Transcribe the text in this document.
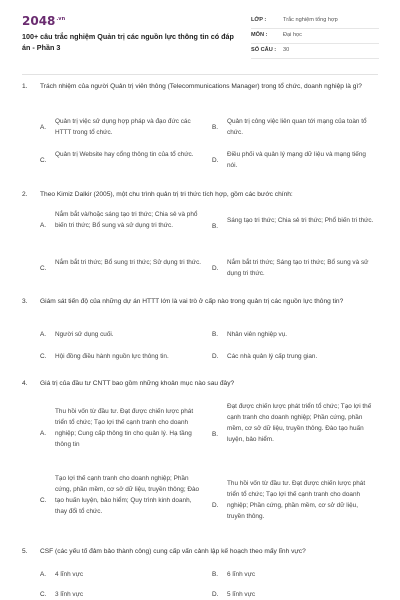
$2048^{.vn}$
100+ câu trắc nghiệm Quản trị các nguồn lực thông tin có đáp án - Phần 3
LỚP :	Trắc nghiệm tổng hợp
MÔN :	Đại học
SỐ CÂU : 30
1. Trách nhiệm của người Quản trị viên thông (Telecommunications Manager) trong tổ chức, doanh nghiệp là gì?
A.
Quản trị việc sử dụng hợp pháp và đạo đức các HTTT trong tổ chức.
B.
Quản trị công việc liên quan tới mạng của toàn tổ chức.
C.
Quản trị Website hay cổng thông tin của tổ chức.
D.
Điều phối và quản lý mạng dữ liệu và mạng tiếng nói.
2. Theo Kimiz Dalkir (2005), một chu trình quản trị tri thức tích hợp, gồm các bước chính:
A.
Nắm bắt và/hoặc sáng tạo tri thức; Chia sẻ và phổ biến tri thức; Bổ sung và sử dụng tri thức.	B.
Sáng tạo tri thức; Chia sẻ tri thức; Phổ biến tri thức.
C.
Nắm bắt tri thức; Bổ sung tri thức; Sử dụng tri thức.
D.
Nắm bắt tri thức; Sáng tạo tri thức; Bổ sung và sử dụng tri thức.
3. Giám sát tiến độ của những dự án HTTT lớn là vai trò ở cấp nào trong quản trị các nguồn lực thông tin?
A. Người sử dụng cuối.	B. Nhân viên nghiệp vụ.
C. Hội đồng điều hành nguồn lực thông tin.	D. Các nhà quản lý cấp trung gian.
4. Giá trị của đầu tư CNTT bao gồm những khoản mục nào sau đây?
A.
Thu hồi vốn từ đầu tư. Đạt được chiến lược phát triển tổ chức; Tạo lợi thế cạnh tranh cho doanh nghiệp; Cung cấp thông tin cho quản lý. Hạ tầng thông tin
B.
Đạt được chiến lược phát triển tổ chức; Tạo lợi thế cạnh tranh cho doanh nghiệp; Phần cứng, phần mềm, cơ sở dữ liệu, truyền thông. Đào tạo huấn luyện, bảo hiểm.
C.
Tạo lợi thế cạnh tranh cho doanh nghiệp; Phần cứng, phần mềm, cơ sở dữ liệu, truyền thông; Đào tạo huấn luyện, bảo hiểm; Quy trình kinh doanh, thay đổi tổ chức.
D.
Thu hồi vốn từ đầu tư. Đạt được chiến lược phát triển tổ chức; Tạo lợi thế cạnh tranh cho doanh nghiệp; Phần cứng, phần mềm, cơ sở dữ liệu, truyền thông.
5. CSF (các yếu tố đảm bảo thành công) cung cấp vấn cảnh lập kế hoạch theo mấy lĩnh vực?
A. 4 lĩnh vực	B. 6 lĩnh vực
C. 3 lĩnh vực	D. 5 lĩnh vực
